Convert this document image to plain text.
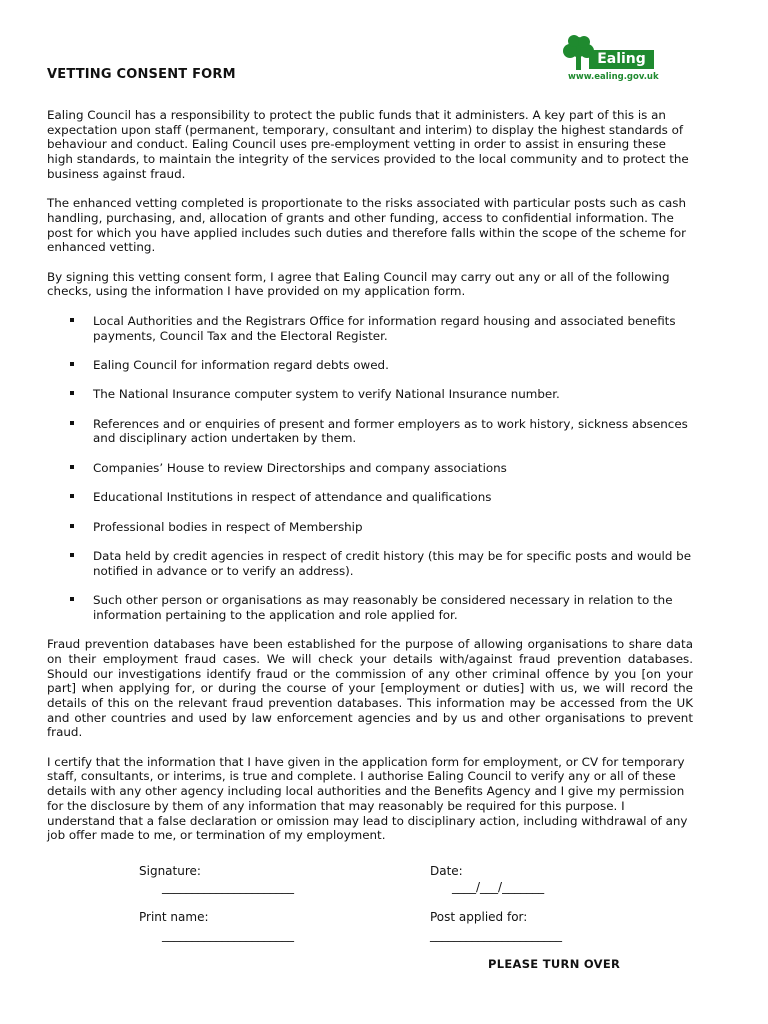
Ealing
www.ealing.gov.uk
VETTING CONSENT FORM

Ealing Council has a responsibility to protect the public funds that it administers. A key part of this is an expectation upon staff (permanent, temporary, consultant and interim) to display the highest standards of behaviour and conduct. Ealing Council uses pre-employment vetting in order to assist in ensuring these high standards, to maintain the integrity of the services provided to the local community and to protect the business against fraud.

The enhanced vetting completed is proportionate to the risks associated with particular posts such as cash handling, purchasing, and, allocation of grants and other funding, access to confidential information. The post for which you have applied includes such duties and therefore falls within the scope of the scheme for enhanced vetting.

By signing this vetting consent form, I agree that Ealing Council may carry out any or all of the following checks, using the information I have provided on my application form.

Local Authorities and the Registrars Office for information regard housing and associated benefits payments, Council Tax and the Electoral Register.
Ealing Council for information regard debts owed.
The National Insurance computer system to verify National Insurance number.
References and or enquiries of present and former employers as to work history, sickness absences and disciplinary action undertaken by them.
Companies’ House to review Directorships and company associations
Educational Institutions in respect of attendance and qualifications
Professional bodies in respect of Membership
Data held by credit agencies in respect of credit history (this may be for specific posts and would be notified in advance or to verify an address).
Such other person or organisations as may reasonably be considered necessary in relation to the information pertaining to the application and role applied for.

Fraud prevention databases have been established for the purpose of allowing organisations to share data on their employment fraud cases. We will check your details with/against fraud prevention databases. Should our investigations identify fraud or the commission of any other criminal offence by you [on your part] when applying for, or during the course of your [employment or duties] with us, we will record the details of this on the relevant fraud prevention databases. This information may be accessed from the UK and other countries and used by law enforcement agencies and by us and other organisations to prevent fraud.

I certify that the information that I have given in the application form for employment, or CV for temporary staff, consultants, or interims, is true and complete. I authorise Ealing Council to verify any or all of these details with any other agency including local authorities and the Benefits Agency and I give my permission for the disclosure by them of any information that may reasonably be required for this purpose. I understand that a false declaration or omission may lead to disciplinary action, including withdrawal of any job offer made to me, or termination of my employment.

Signature:
______________________
Date:
____/___/_______
Print name:
______________________
Post applied for:
______________________
PLEASE TURN OVER
